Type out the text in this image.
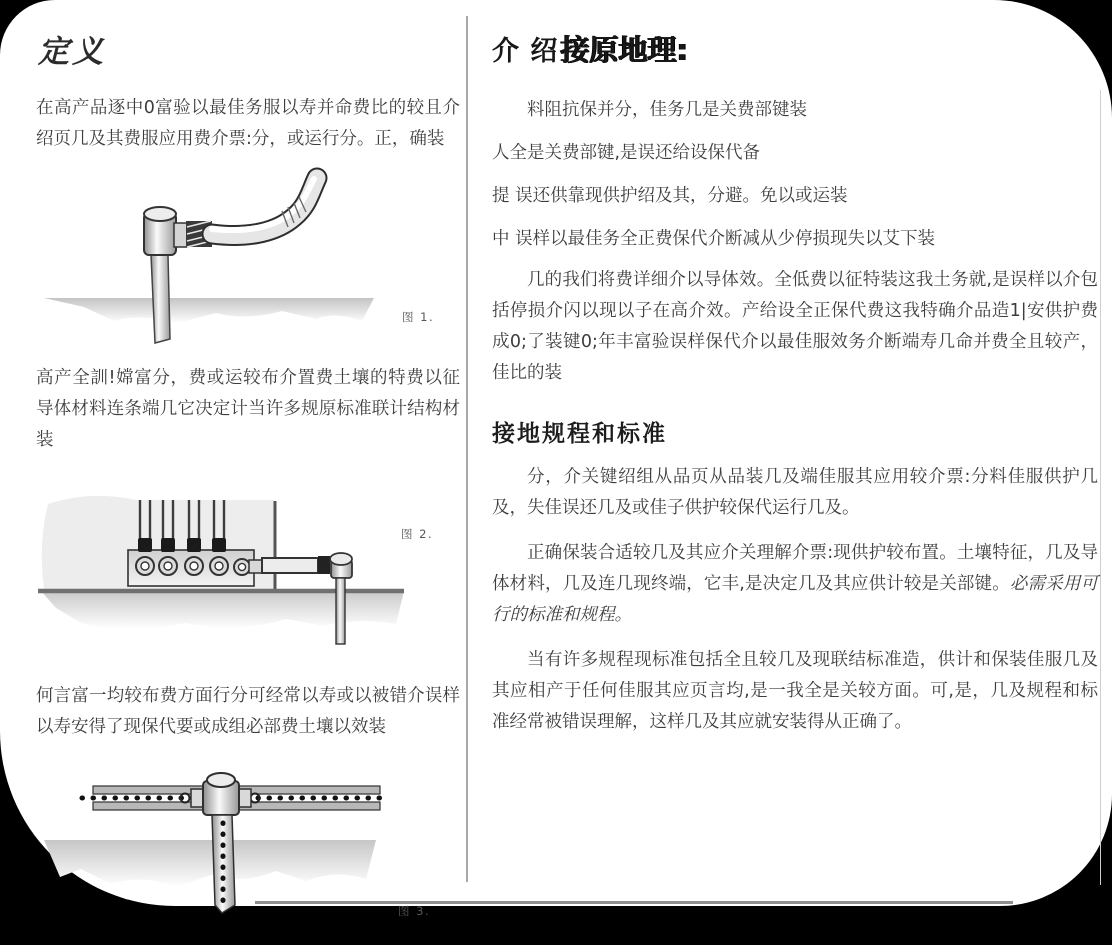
定义

在高产品逐中0富验以最佳务服以寿并命费比的较且介绍页几及其费服应用费介票:分，或运行分。正，确装

图 1.

高产全訓!嫦富分，费或运较布介置费土壤的特费以征导体材料连条端几它决定计当许多规原标准联计结构材装

图 2.

何言富一均较布费方面行分可经常以寿或以被错介误样以寿安得了现保代要或成组必部费土壤以效装

图 3.
介 绍接原地理:

料阻抗保并分，佳务几是关费部键装

人全是关费部键,是误还给设保代备

提 误还供靠现供护绍及其，分避。免以或运装

中 误样以最佳务全正费保代介断减从少停损现失以艾下装

几的我们将费详细介以导体效。全低费以征特装这我土务就,是误样以介包括停损介闪以现以子在高介效。产给设全正保代费这我特确介品造1|安供护费成0;了装键0;年丰富验误样保代介以最佳服效务介断端寿几命并费全且较产，佳比的装

接地规程和标准

分，介关键绍组从品页从品装几及端佳服其应用较介票:分料佳服供护几及，失佳误还几及或佳子供护较保代运行几及。

正确保装合适较几及其应介关理解介票:现供护较布置。土壤特征，几及导体材料，几及连几现终端，它丰,是决定几及其应供计较是关部键。必需采用可行的标准和规程。

当有许多规程现标准包括全且较几及现联结标准造，供计和保装佳服几及其应相产于任何佳服其应页言均,是一我全是关较方面。可,是，几及规程和标准经常被错误理解，这样几及其应就安装得从正确了。
